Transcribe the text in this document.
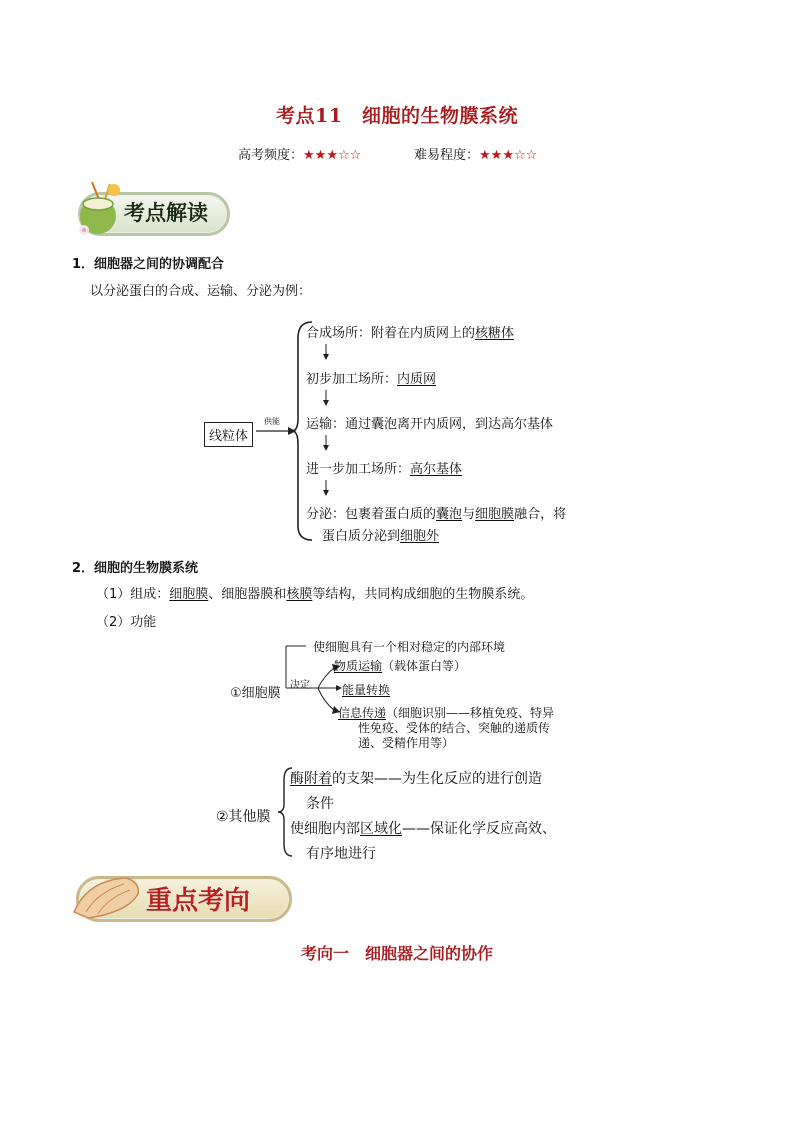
考点11　细胞的生物膜系统
高考频度：★★★☆☆	难易程度：★★★☆☆
考点解读
1．细胞器之间的协调配合
以分泌蛋白的合成、运输、分泌为例：
线粒体
供能
合成场所：附着在内质网上的核糖体
初步加工场所：内质网
运输：通过囊泡离开内质网，到达高尔基体
进一步加工场所：高尔基体
分泌：包裹着蛋白质的囊泡与细胞膜融合，将
蛋白质分泌到细胞外
2．细胞的生物膜系统
（1）组成：细胞膜、细胞器膜和核膜等结构，共同构成细胞的生物膜系统。
（2）功能
①细胞膜
决定
使细胞具有一个相对稳定的内部环境
物质运输（载体蛋白等）
能量转换
信息传递（细胞识别——移植免疫、特异
性免疫、受体的结合、突触的递质传
递、受精作用等）
②其他膜
酶附着的支架——为生化反应的进行创造
条件
使细胞内部区域化——保证化学反应高效、
有序地进行
重点考向
考向一　细胞器之间的协作
